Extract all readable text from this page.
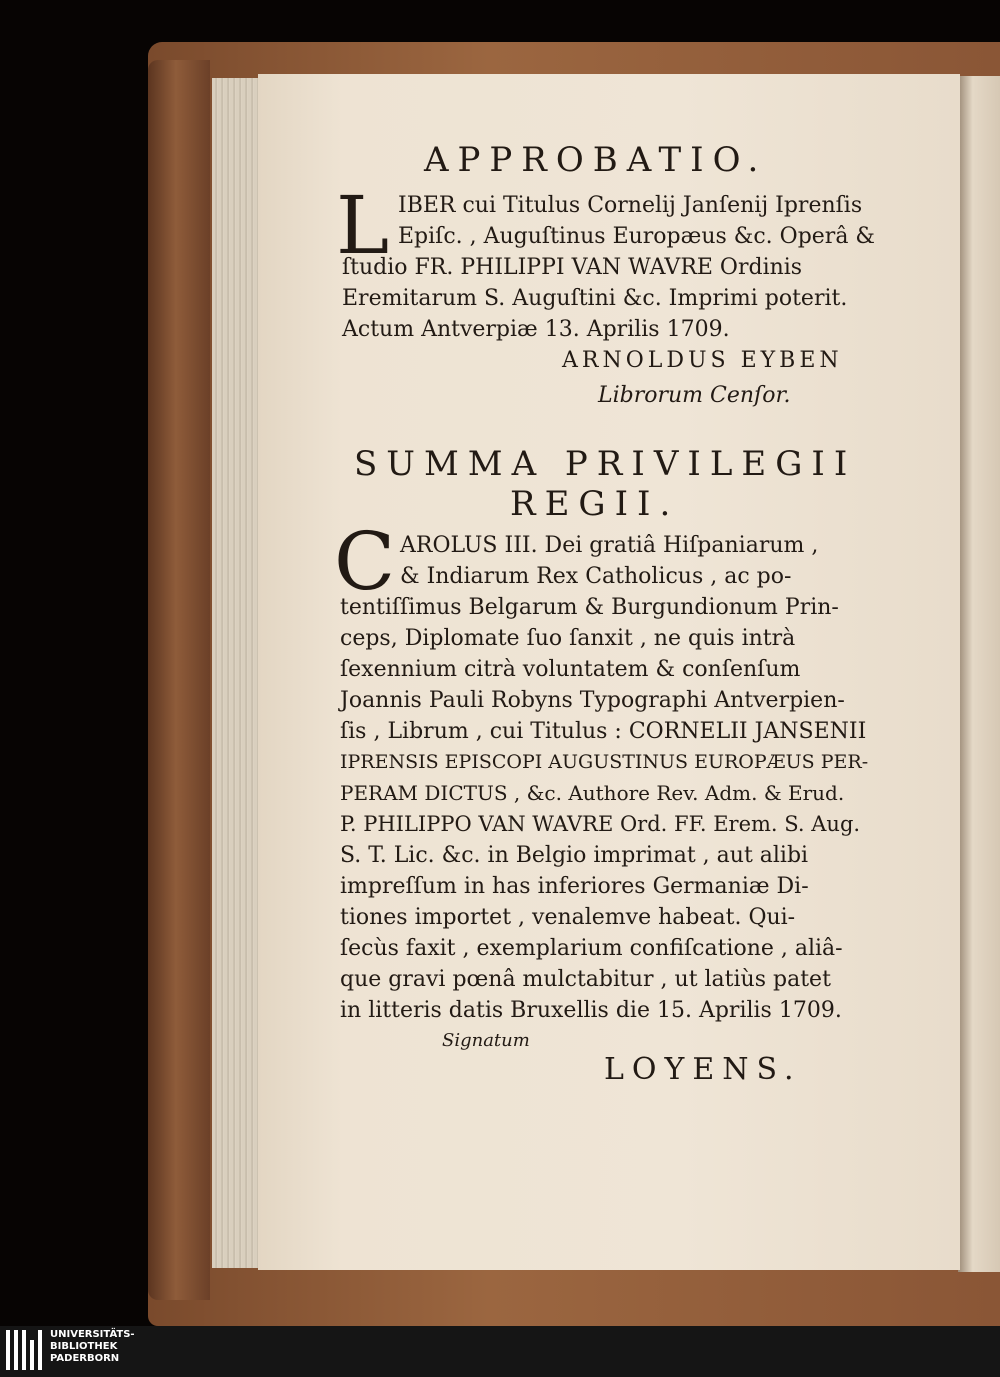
APPROBATIO.
L IBER cui Titulus Cornelij Janſenij Iprenſis
Epiſc. , Auguſtinus Europæus &c. Operâ &
ſtudio FR. PHILIPPI VAN WAVRE Ordinis
Eremitarum S. Auguſtini &c. Imprimi poterit.
Actum Antverpiæ 13. Aprilis 1709.
ARNOLDUS EYBEN
Librorum Cenſor.
SUMMA PRIVILEGII
REGII.
C AROLUS III. Dei gratiâ Hiſpaniarum ,
& Indiarum Rex Catholicus , ac po-
tentiſſimus Belgarum & Burgundionum Prin-
ceps, Diplomate ſuo ſanxit , ne quis intrà
ſexennium citrà voluntatem & conſenſum
Joannis Pauli Robyns Typographi Antverpien-
ſis , Librum , cui Titulus : CORNELII JANSENII
IPRENSIS EPISCOPI AUGUSTINUS EUROPÆUS PER-
PERAM DICTUS , &c. Authore Rev. Adm. & Erud.
P. PHILIPPO VAN WAVRE Ord. FF. Erem. S. Aug.
S. T. Lic. &c. in Belgio imprimat , aut alibi
impreſſum in has inferiores Germaniæ Di-
tiones importet , venalemve habeat. Qui-
ſecùs faxit , exemplarium confiſcatione , aliâ-
que gravi pœnâ mulctabitur , ut latiùs patet
in litteris datis Bruxellis die 15. Aprilis 1709.
Signatum
LOYENS.
UNIVERSITÄTS-
BIBLIOTHEK
PADERBORN
